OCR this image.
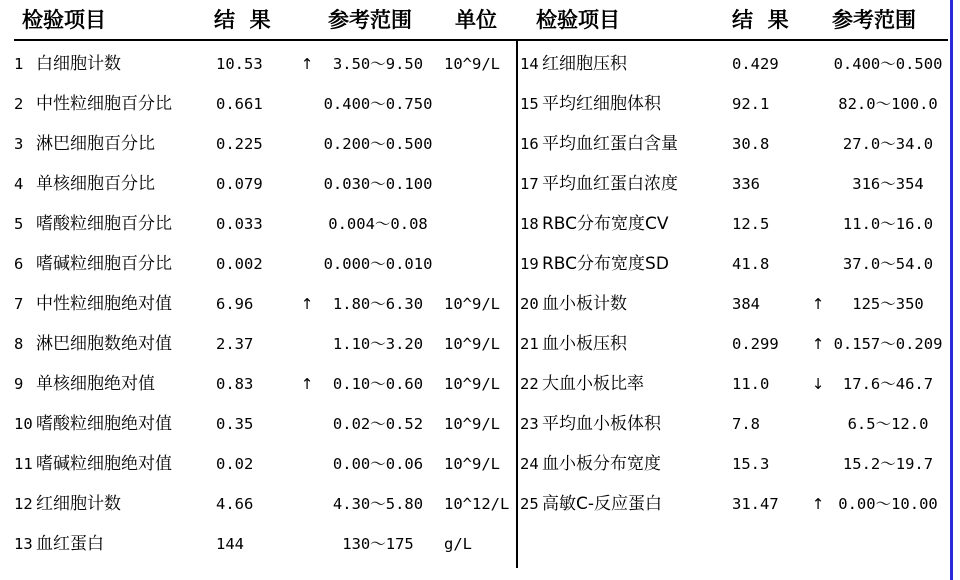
检验项目	结  果	参考范围 单位 检验项目	结  果 参考范围
1 白细胞计数	10.53	↑	3.50～9.50	10^9/L
2 中性粒细胞百分比	0.661	0.400～0.750
3 淋巴细胞百分比	0.225	0.200～0.500
4 单核细胞百分比	0.079	0.030～0.100
5 嗜酸粒细胞百分比	0.033	0.004～0.08
6 嗜碱粒细胞百分比	0.002	0.000～0.010
7 中性粒细胞绝对值	6.96	↑	1.80～6.30	10^9/L
8 淋巴细胞数绝对值	2.37	1.10～3.20	10^9/L
9 单核细胞绝对值	0.83	↑	0.10～0.60	10^9/L
10 嗜酸粒细胞绝对值	0.35	0.02～0.52	10^9/L
11 嗜碱粒细胞绝对值	0.02	0.00～0.06	10^9/L
12 红细胞计数	4.66	4.30～5.80	10^12/L
13 血红蛋白	144	130～175	g/L
14 红细胞压积	0.429	0.400～0.500
15 平均红细胞体积	92.1	82.0～100.0
16 平均血红蛋白含量	30.8	27.0～34.0
17 平均血红蛋白浓度	336	316～354
18 RBC分布宽度CV	12.5	11.0～16.0
19 RBC分布宽度SD	41.8	37.0～54.0
20 血小板计数	384	↑	125～350
21 血小板压积	0.299	↑ 0.157～0.209
22 大血小板比率	11.0	↓	17.6～46.7
23 平均血小板体积	7.8	6.5～12.0
24 血小板分布宽度	15.3	15.2～19.7
25 高敏C-反应蛋白	31.47	↑ 0.00～10.00
